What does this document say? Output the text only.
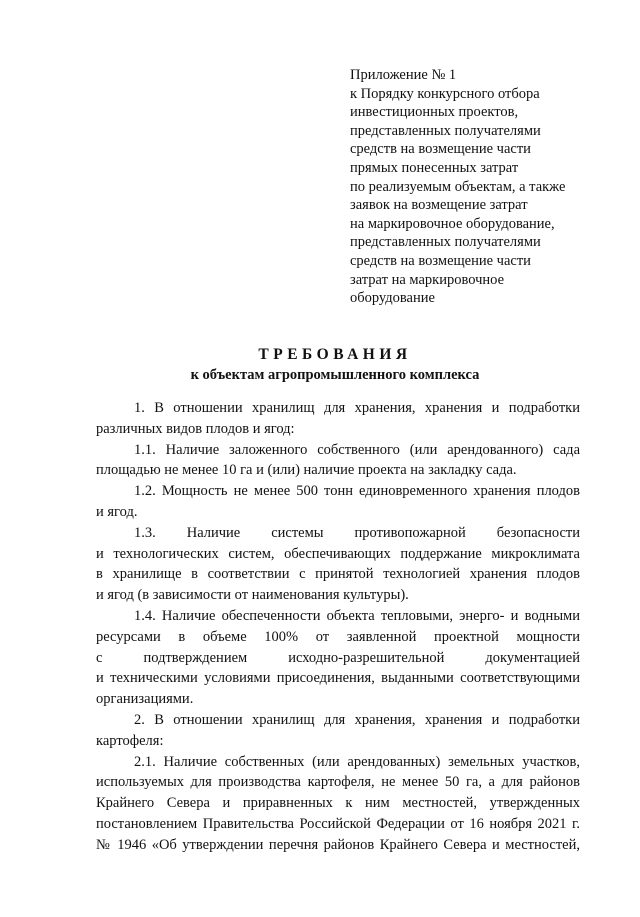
Приложение № 1
к Порядку конкурсного отбора
инвестиционных проектов,
представленных получателями
средств на возмещение части
прямых понесенных затрат
по реализуемым объектам, а также
заявок на возмещение затрат
на маркировочное оборудование,
представленных получателями
средств на возмещение части
затрат на маркировочное
оборудование
ТРЕБОВАНИЯ
к объектам агропромышленного комплекса
1. В отношении хранилищ для хранения, хранения и подработки
различных видов плодов и ягод:
1.1. Наличие заложенного собственного (или арендованного) сада
площадью не менее 10 га и (или) наличие проекта на закладку сада.
1.2. Мощность не менее 500 тонн единовременного хранения плодов
и ягод.
1.3. Наличие системы противопожарной безопасности
и технологических систем, обеспечивающих поддержание микроклимата
в хранилище в соответствии с принятой технологией хранения плодов
и ягод (в зависимости от наименования культуры).
1.4. Наличие обеспеченности объекта тепловыми, энерго- и водными
ресурсами в объеме 100% от заявленной проектной мощности
с подтверждением исходно-разрешительной документацией
и техническими условиями присоединения, выданными соответствующими
организациями.
2. В отношении хранилищ для хранения, хранения и подработки
картофеля:
2.1. Наличие собственных (или арендованных) земельных участков,
используемых для производства картофеля, не менее 50 га, а для районов
Крайнего Севера и приравненных к ним местностей, утвержденных
постановлением Правительства Российской Федерации от 16 ноября 2021 г.
№ 1946 «Об утверждении перечня районов Крайнего Севера и местностей,
